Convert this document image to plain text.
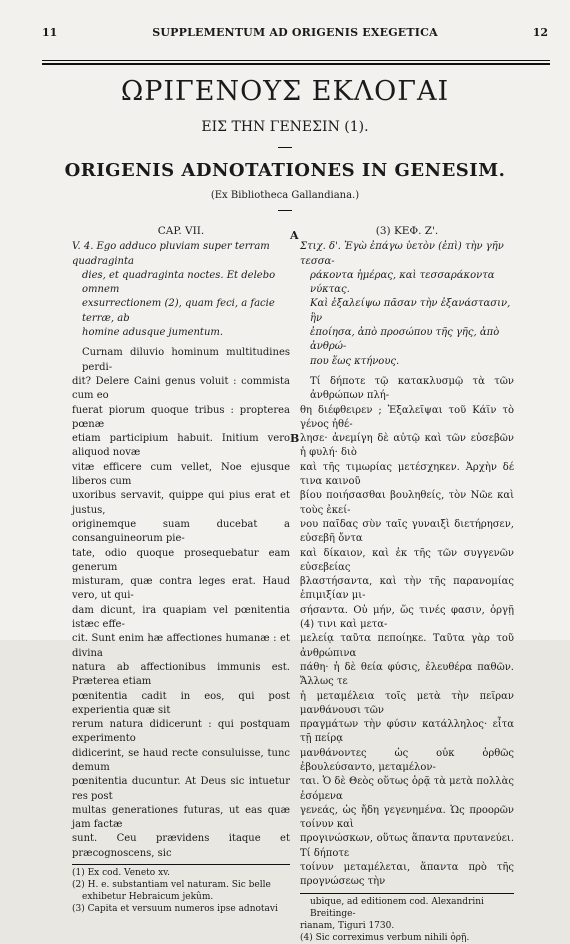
11	SUPPLEMENTUM AD ORIGENIS EXEGETICA	12
ΩΡΙΓΕΝΟΥΣ ΕΚΛΟΓΑΙ
ΕΙΣ ΤΗΝ ΓΕΝΕΣΙΝ (1).
ORIGENIS ADNOTATIONES IN GENESIM.
(Ex Bibliotheca Gallandiana.)
A
B
CAP. VII.
V. 4. Ego adduco pluviam super terram quadraginta
dies, et quadraginta noctes. Et delebo omnem
exsurrectionem (2), quam feci, a facie terræ, ab
homine adusque jumentum.
Curnam diluvio hominum multitudines perdi-
dit? Delere Caini genus voluit : commista cum eo
fuerat piorum quoque tribus : propterea pœnæ
etiam participium habuit. Initium vero aliquod novæ
vitæ efficere cum vellet, Noe ejusque liberos cum
uxoribus servavit, quippe qui pius erat et justus,
originemque suam ducebat a consanguineorum pie-
tate, odio quoque prosequebatur eam generum
misturam, quæ contra leges erat. Haud vero, ut qui-
dam dicunt, ira quapiam vel pœnitentia istæc effe-
cit. Sunt enim hæ affectiones humanæ : et divina
natura ab affectionibus immunis est. Præterea etiam
pœnitentia cadit in eos, qui post experientia quæ sit
rerum natura didicerunt : qui postquam experimento
didicerint, se haud recte consuluisse, tunc demum
pœnitentia ducuntur. At Deus sic intuetur res post
multas generationes futuras, ut eas quæ jam factæ
sunt. Ceu prævidens itaque et præcognoscens, sic
(1) Ex cod. Veneto xv.
(2) H. e. substantiam vel naturam. Sic belle
exhibetur Hebraicum jekûm.
(3) Capita et versuum numeros ipse adnotavi
(3) ΚΕΦ. Ζ'.
Στιχ. δ'. Ἐγὼ ἐπάγω ὑετὸν (ἐπὶ) τὴν γῆν τεσσα-
ράκοντα ἡμέρας, καὶ τεσσαράκοντα νύκτας.
Καὶ ἐξαλείψω πᾶσαν τὴν ἐξανάστασιν, ἣν
ἐποίησα, ἀπὸ προσώπου τῆς γῆς, ἀπὸ ἀνθρώ-
που ἕως κτήνους.
Τί δήποτε τῷ κατακλυσμῷ τὰ τῶν ἀνθρώπων πλή-
θη διέφθειρεν ; Ἐξαλεῖψαι τοῦ Κάϊν τὸ γένος ἠθέ-
λησε· ἀνεμίγη δὲ αὐτῷ καὶ τῶν εὐσεβῶν ἡ φυλή· διὸ
καὶ τῆς τιμωρίας μετέσχηκεν. Ἀρχὴν δέ τινα καινοῦ
βίου ποιήσασθαι βουληθείς, τὸν Νῶε καὶ τοὺς ἐκεί-
νου παῖδας σὺν ταῖς γυναιξὶ διετήρησεν, εὐσεβῆ ὄντα
καὶ δίκαιον, καὶ ἐκ τῆς τῶν συγγενῶν εὐσεβείας
βλαστήσαντα, καὶ τὴν τῆς παρανομίας ἐπιμιξίαν μι-
σήσαντα. Οὐ μήν, ὥς τινές φασιν, ὀργῇ (4) τινι καὶ μετα-
μελείᾳ ταῦτα πεποίηκε. Ταῦτα γὰρ τοῦ ἀνθρώπινα
πάθη· ἡ δὲ θεία φύσις, ἐλευθέρα παθῶν. Ἄλλως τε
ἡ μεταμέλεια τοῖς μετὰ τὴν πεῖραν μανθάνουσι τῶν
πραγμάτων τὴν φύσιν κατάλληλος· εἶτα τῇ πείρᾳ
μανθάνοντες ὡς οὐκ ὀρθῶς ἐβουλεύσαντο, μεταμέλον-
ται. Ὁ δὲ Θεὸς οὕτως ὁρᾷ τὰ μετὰ πολλὰς ἐσόμενα
γενεάς, ὡς ἤδη γεγενημένα. Ὡς προορῶν τοίνυν καὶ
προγινώσκων, οὕτως ἅπαντα πρυτανεύει. Τί δήποτε
τοίνυν μεταμέλεται, ἅπαντα πρὸ τῆς προγνώσεως τὴν
ubique, ad editionem cod. Alexandrini Breitinge-
rianam, Tiguri 1730.
(4) Sic correximus verbum nihili ὀρῇ.
